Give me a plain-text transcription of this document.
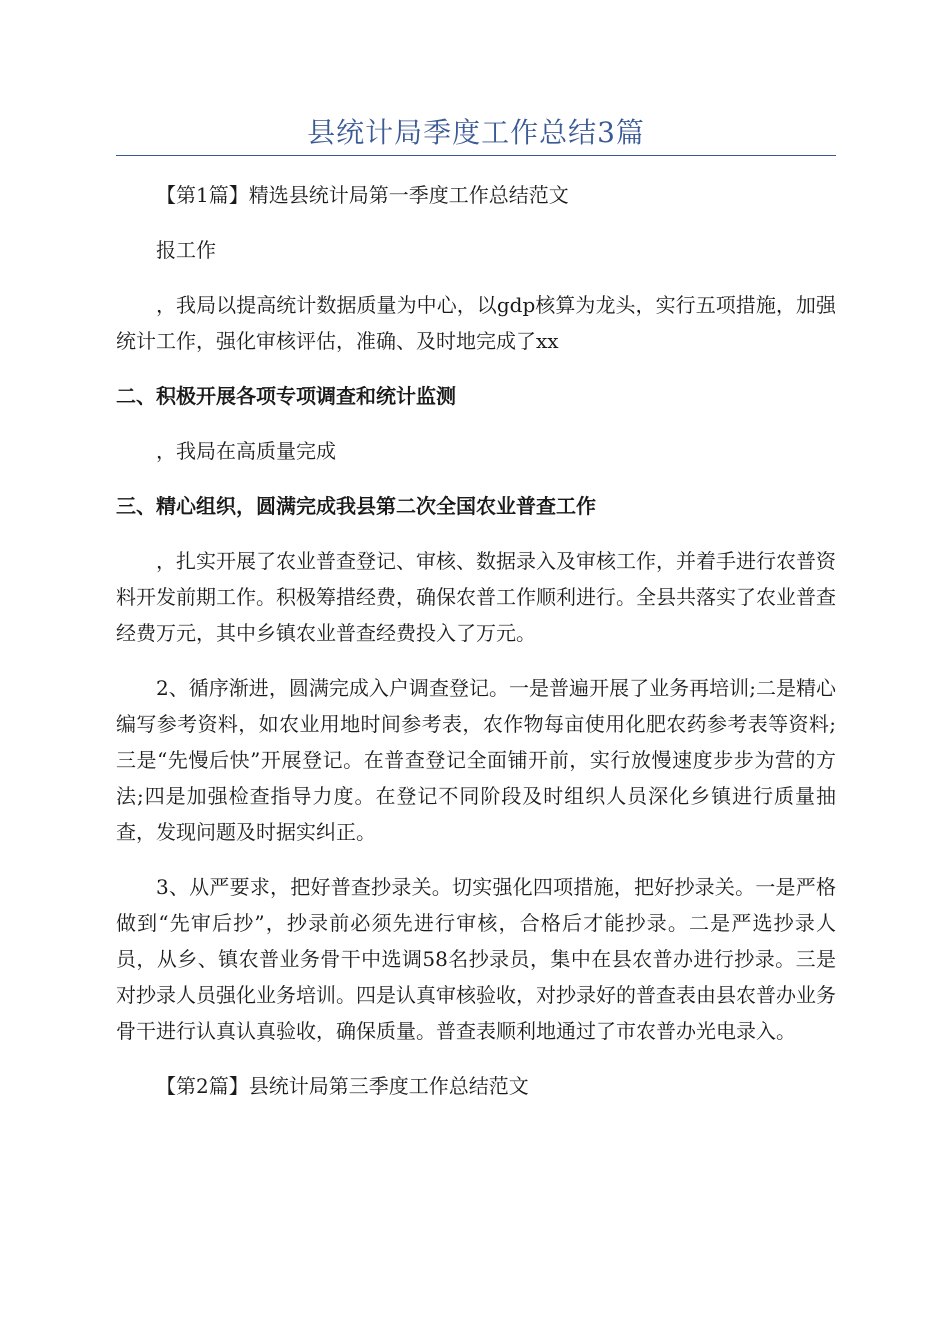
县统计局季度工作总结3篇

【第1篇】精选县统计局第一季度工作总结范文

报工作

，我局以提高统计数据质量为中心，以gdp核算为龙头，实行五项措施，加强统计工作，强化审核评估，准确、及时地完成了xx

二、积极开展各项专项调查和统计监测

，我局在高质量完成

三、精心组织，圆满完成我县第二次全国农业普查工作

，扎实开展了农业普查登记、审核、数据录入及审核工作，并着手进行农普资料开发前期工作。积极筹措经费，确保农普工作顺利进行。全县共落实了农业普查经费万元，其中乡镇农业普查经费投入了万元。

2、循序渐进，圆满完成入户调查登记。一是普遍开展了业务再培训;二是精心编写参考资料，如农业用地时间参考表，农作物每亩使用化肥农药参考表等资料;三是“先慢后快”开展登记。在普查登记全面铺开前，实行放慢速度步步为营的方法;四是加强检查指导力度。在登记不同阶段及时组织人员深化乡镇进行质量抽查，发现问题及时据实纠正。

3、从严要求，把好普查抄录关。切实强化四项措施，把好抄录关。一是严格做到“先审后抄”，抄录前必须先进行审核，合格后才能抄录。二是严选抄录人员，从乡、镇农普业务骨干中选调58名抄录员，集中在县农普办进行抄录。三是对抄录人员强化业务培训。四是认真审核验收，对抄录好的普查表由县农普办业务骨干进行认真认真验收，确保质量。普查表顺利地通过了市农普办光电录入。

【第2篇】县统计局第三季度工作总结范文
